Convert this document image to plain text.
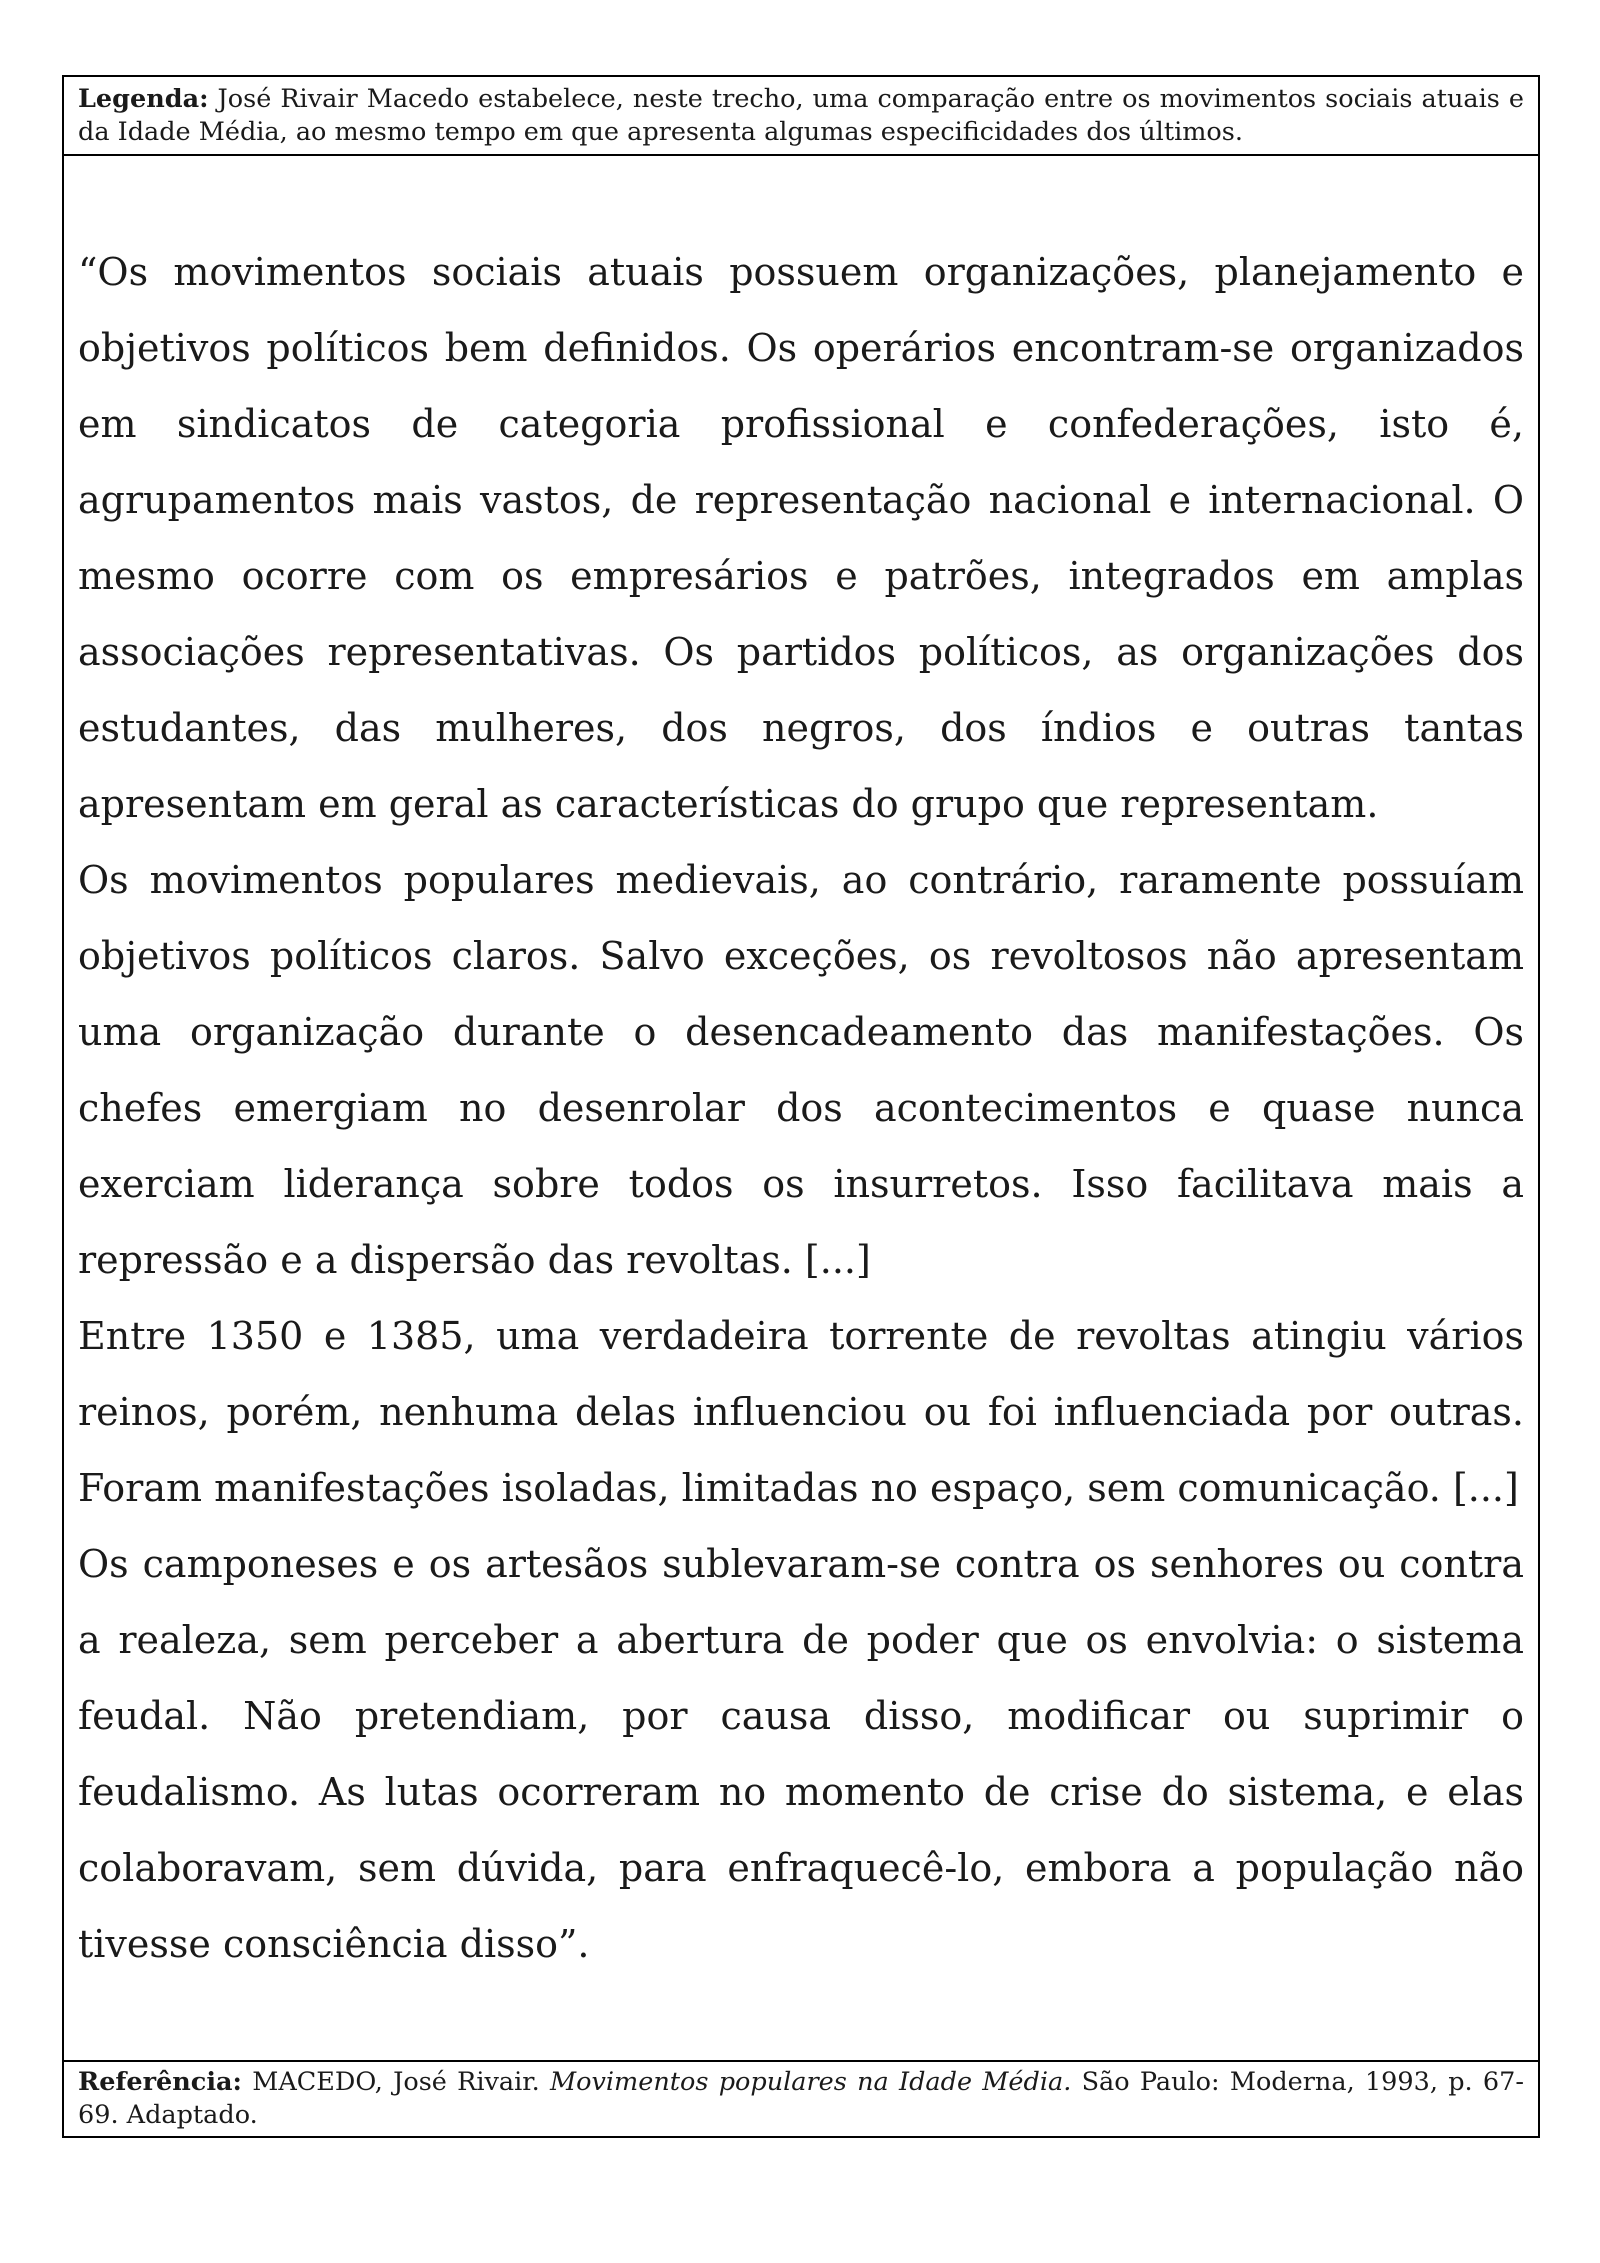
Legenda: José Rivair Macedo estabelece, neste trecho, uma comparação entre os movimentos sociais atuais e da Idade Média, ao mesmo tempo em que apresenta algumas especificidades dos últimos.

“Os movimentos sociais atuais possuem organizações, planejamento e objetivos políticos bem definidos. Os operários encontram-se organizados em sindicatos de categoria profissional e confederações, isto é, agrupamentos mais vastos, de representação nacional e internacional. O mesmo ocorre com os empresários e patrões, integrados em amplas associações representativas. Os partidos políticos, as organizações dos estudantes, das mulheres, dos negros, dos índios e outras tantas apresentam em geral as características do grupo que representam.

Os movimentos populares medievais, ao contrário, raramente possuíam objetivos políticos claros. Salvo exceções, os revoltosos não apresentam uma organização durante o desencadeamento das manifestações. Os chefes emergiam no desenrolar dos acontecimentos e quase nunca exerciam liderança sobre todos os insurretos. Isso facilitava mais a repressão e a dispersão das revoltas. [...]

Entre 1350 e 1385, uma verdadeira torrente de revoltas atingiu vários reinos, porém, nenhuma delas influenciou ou foi influenciada por outras. Foram manifestações isoladas, limitadas no espaço, sem comunicação. [...]

Os camponeses e os artesãos sublevaram-se contra os senhores ou contra a realeza, sem perceber a abertura de poder que os envolvia: o sistema feudal. Não pretendiam, por causa disso, modificar ou suprimir o feudalismo. As lutas ocorreram no momento de crise do sistema, e elas colaboravam, sem dúvida, para enfraquecê-lo, embora a população não tivesse consciência disso”.

Referência: MACEDO, José Rivair. Movimentos populares na Idade Média. São Paulo: Moderna, 1993, p. 67-69. Adaptado.
